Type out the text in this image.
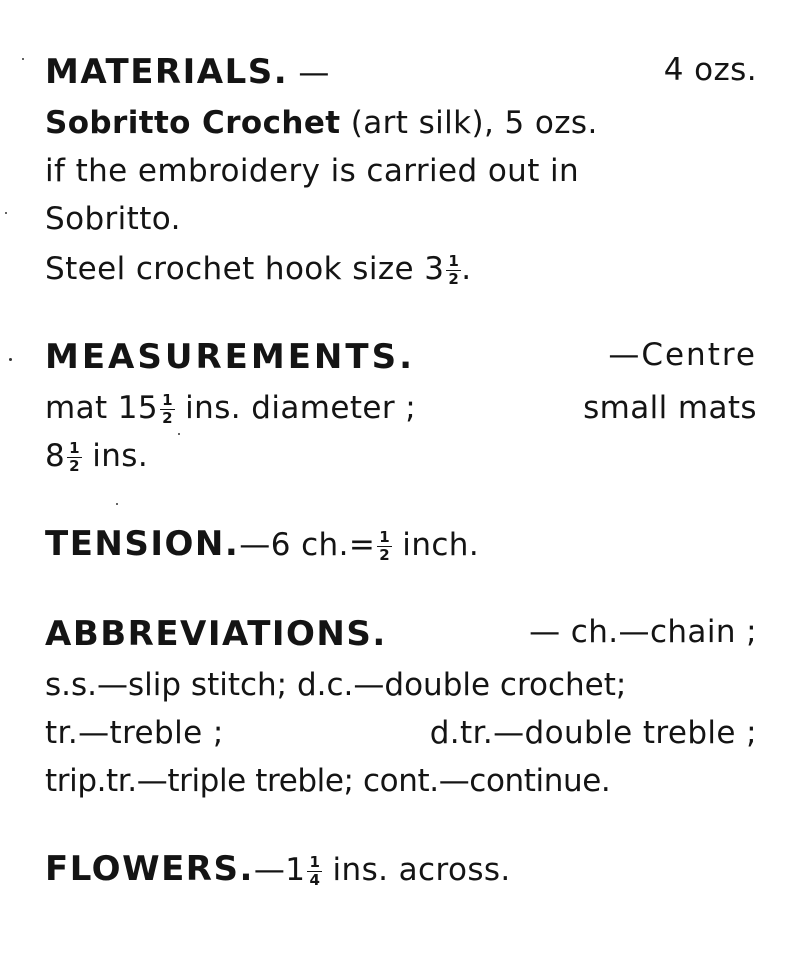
MATERIALS. —	4 ozs.
Sobritto Crochet (art silk), 5 ozs.
if the embroidery is carried out in
Sobritto.
Steel crochet hook size $3 \frac{1}{2}$ .
MEASUREMENTS.	—Centre
mat $15 \frac{1}{2}$ ins. diameter ;	small mats
$8 \frac{1}{2}$ ins.
TENSION.—6 $ch.= \frac{1}{2}$ inch.
ABBREVIATIONS.	— ch.—chain ;
s.s.—slip stitch; d.c.—double crochet;
tr.—treble ;	d.tr.—double treble ;
trip.tr.—triple treble; cont.—continue.
FLOWERS.—1 $\frac{1}{4}$ ins. across.
